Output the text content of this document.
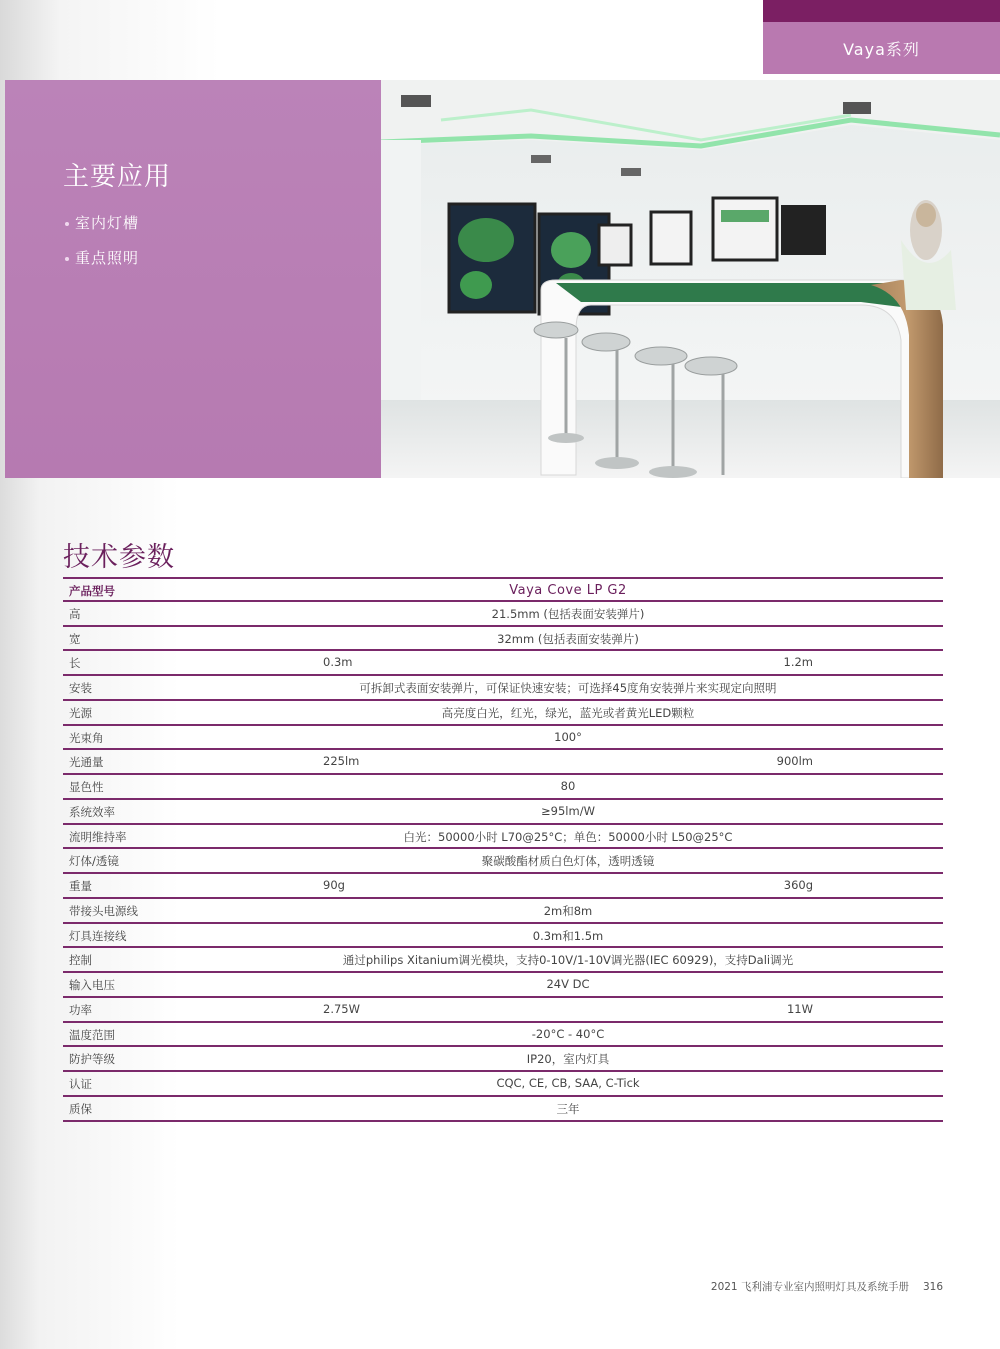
Vaya系列
主要应用
室内灯槽
重点照明
技术参数
产品型号	Vaya Cove LP G2
高	21.5mm (包括表面安装弹片)
宽	32mm (包括表面安装弹片)
长	0.3m	1.2m
安装	可拆卸式表面安装弹片，可保证快速安装；可选择45度角安装弹片来实现定向照明
光源	高亮度白光，红光，绿光，蓝光或者黄光LED颗粒
光束角	100°
光通量	225lm	900lm
显色性	80
系统效率	≥95lm/W
流明维持率	白光：50000小时 L70@25°C；单色：50000小时 L50@25°C
灯体/透镜	聚碳酸酯材质白色灯体，透明透镜
重量	90g	360g
带接头电源线	2m和8m
灯具连接线	0.3m和1.5m
控制	通过philips Xitanium调光模块，支持0-10V/1-10V调光器(IEC 60929)，支持Dali调光
输入电压	24V DC
功率	2.75W	11W
温度范围	-20°C - 40°C
防护等级	IP20，室内灯具
认证	CQC, CE, CB, SAA, C-Tick
质保	三年
2021 飞利浦专业室内照明灯具及系统手册 316
